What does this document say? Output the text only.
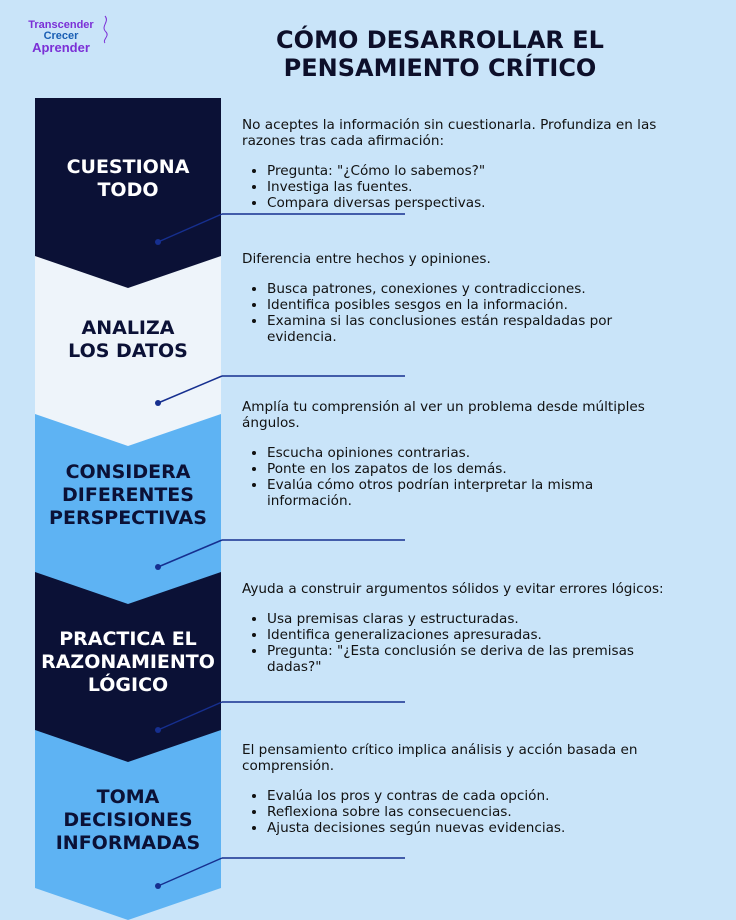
Transcender
Crecer
Aprender	CÓMO DESARROLLAR EL
PENSAMIENTO CRÍTICO
CUESTIONA
TODO
ANALIZA
LOS DATOS
CONSIDERA
DIFERENTES
PERSPECTIVAS
PRACTICA EL
RAZONAMIENTO
LÓGICO
TOMA
DECISIONES
INFORMADAS

No aceptes la información sin cuestionarla. Profundiza en las razones tras cada afirmación:

• Pregunta: "¿Cómo lo sabemos?"
• Investiga las fuentes.
• Compara diversas perspectivas.

Diferencia entre hechos y opiniones.

• Busca patrones, conexiones y contradicciones.
• Identifica posibles sesgos en la información.
• Examina si las conclusiones están respaldadas por evidencia.

Amplía tu comprensión al ver un problema desde múltiples ángulos.

• Escucha opiniones contrarias.
• Ponte en los zapatos de los demás.
• Evalúa cómo otros podrían interpretar la misma información.

Ayuda a construir argumentos sólidos y evitar errores lógicos:

• Usa premisas claras y estructuradas.
• Identifica generalizaciones apresuradas.
• Pregunta: "¿Esta conclusión se deriva de las premisas dadas?"

El pensamiento crítico implica análisis y acción basada en comprensión.

• Evalúa los pros y contras de cada opción.
• Reflexiona sobre las consecuencias.
• Ajusta decisiones según nuevas evidencias.
